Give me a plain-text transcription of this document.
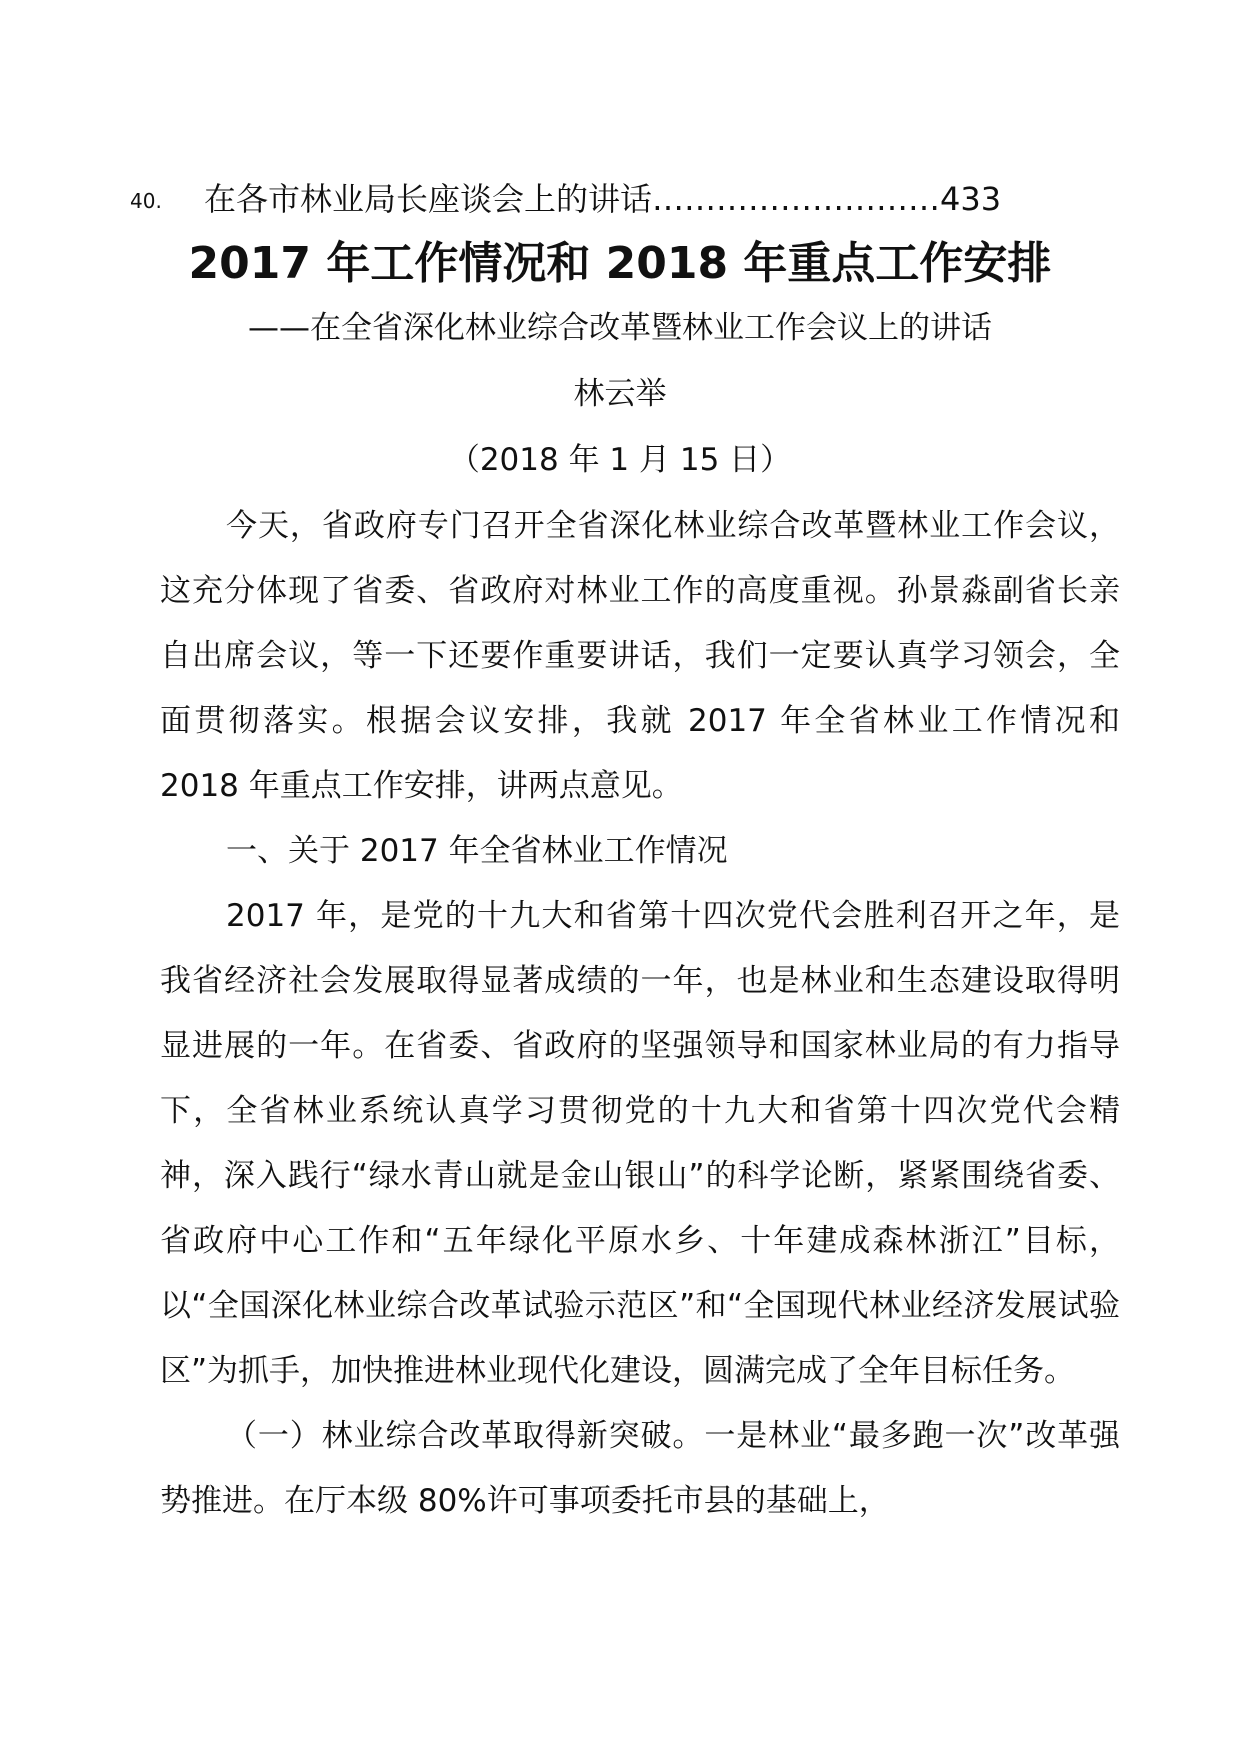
40. 在各市林业局长座谈会上的讲话………………………433
2017 年工作情况和 2018 年重点工作安排
——在全省深化林业综合改革暨林业工作会议上的讲话
林云举
（2018 年 1 月 15 日）

今天，省政府专门召开全省深化林业综合改革暨林业工作会议，这充分体现了省委、省政府对林业工作的高度重视。孙景淼副省长亲自出席会议，等一下还要作重要讲话，我们一定要认真学习领会，全面贯彻落实。根据会议安排，我就 2017 年全省林业工作情况和 2018 年重点工作安排，讲两点意见。

一、关于 2017 年全省林业工作情况

2017 年，是党的十九大和省第十四次党代会胜利召开之年，是我省经济社会发展取得显著成绩的一年，也是林业和生态建设取得明显进展的一年。在省委、省政府的坚强领导和国家林业局的有力指导下，全省林业系统认真学习贯彻党的十九大和省第十四次党代会精神，深入践行“绿水青山就是金山银山”的科学论断，紧紧围绕省委、省政府中心工作和“五年绿化平原水乡、十年建成森林浙江”目标，以“全国深化林业综合改革试验示范区”和“全国现代林业经济发展试验区”为抓手，加快推进林业现代化建设，圆满完成了全年目标任务。

（一）林业综合改革取得新突破。一是林业“最多跑一次”改革强势推进。在厅本级 80%许可事项委托市县的基础上，
